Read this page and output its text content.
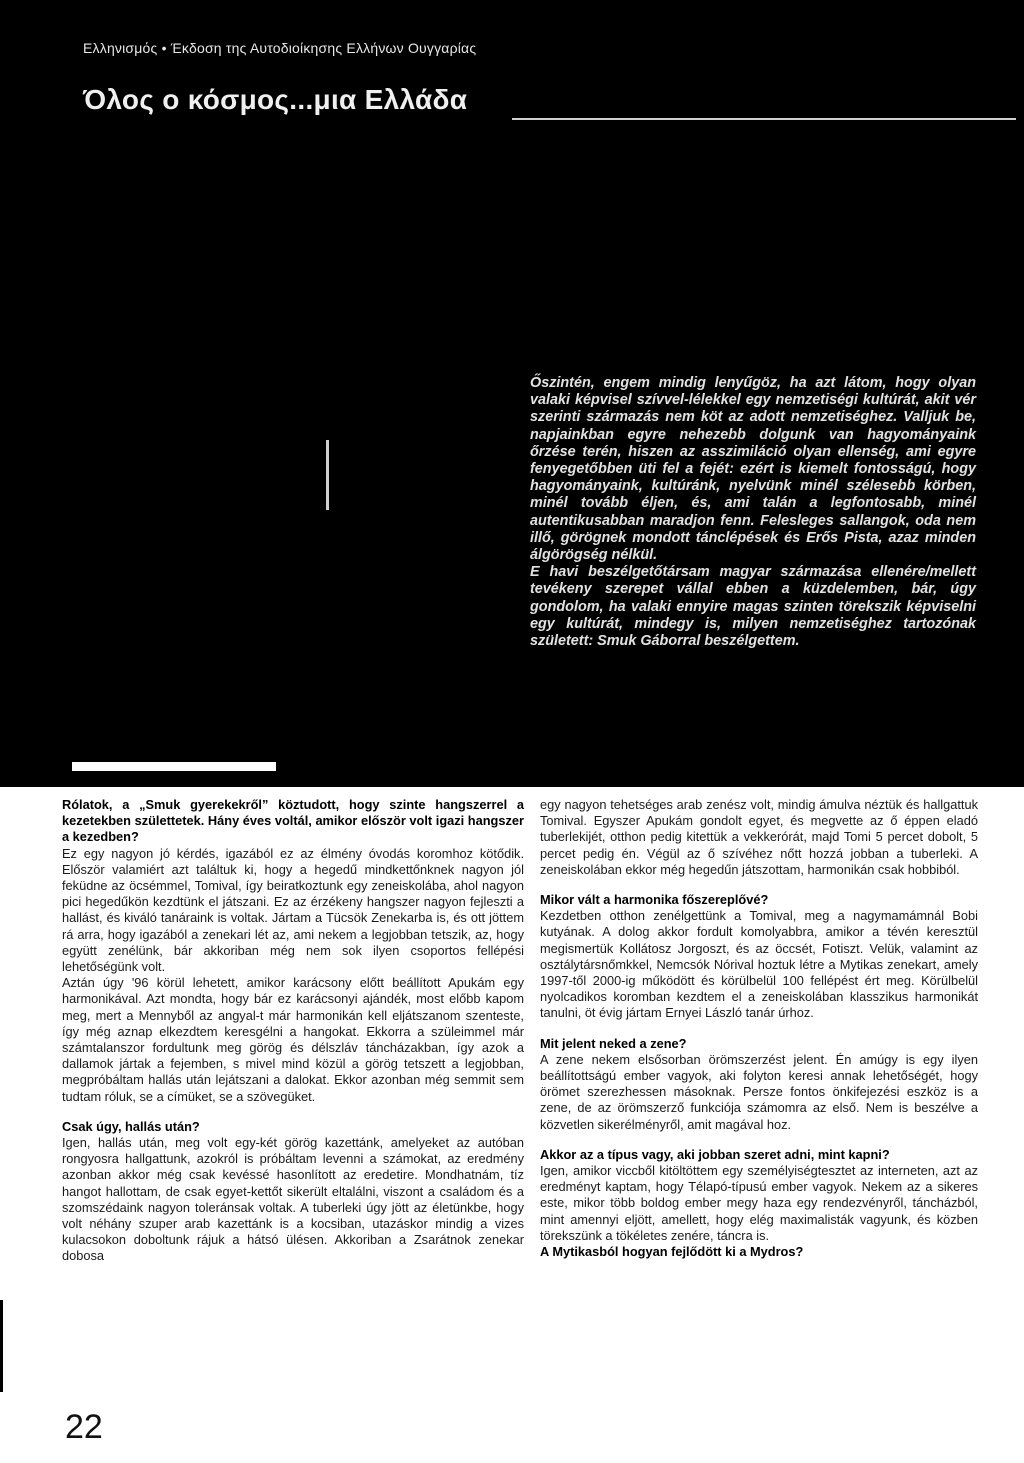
Ελληνισμός • Έκδοση της Αυτοδιοίκησης Ελλήνων Ουγγαρίας
Όλος ο κόσμος...μια Ελλάδα

Őszintén, engem mindig lenyűgöz, ha azt látom, hogy olyan valaki képvisel szívvel-lélekkel egy nemzetiségi kultúrát, akit vér szerinti származás nem köt az adott nemzetiséghez. Valljuk be, napjainkban egyre nehezebb dolgunk van hagyományaink őrzése terén, hiszen az asszimiláció olyan ellenség, ami egyre fenyegetőbben üti fel a fejét: ezért is kiemelt fontosságú, hogy hagyományaink, kultúránk, nyelvünk minél szélesebb körben, minél tovább éljen, és, ami talán a legfontosabb, minél autentikusabban maradjon fenn. Felesleges sallangok, oda nem illő, görögnek mondott tánclépések és Erős Pista, azaz minden álgörögség nélkül.

E havi beszélgetőtársam magyar származása ellenére/mellett tevékeny szerepet vállal ebben a küzdelemben, bár, úgy gondolom, ha valaki ennyire magas szinten törekszik képviselni egy kultúrát, mindegy is, milyen nemzetiséghez tartozónak született: Smuk Gáborral beszélgettem.

Rólatok, a „Smuk gyerekekről” köztudott, hogy szinte hangszerrel a kezetekben születtetek. Hány éves voltál, amikor először volt igazi hangszer a kezedben?

Ez egy nagyon jó kérdés, igazából ez az élmény óvodás koromhoz kötődik. Először valamiért azt találtuk ki, hogy a hegedű mindkettőnknek nagyon jól feküdne az öcsémmel, Tomival, így beiratkoztunk egy zeneiskolába, ahol nagyon pici hegedűkön kezdtünk el játszani. Ez az érzékeny hangszer nagyon fejleszti a hallást, és kiváló tanáraink is voltak. Jártam a Tücsök Zenekarba is, és ott jöttem rá arra, hogy igazából a zenekari lét az, ami nekem a legjobban tetszik, az, hogy együtt zenélünk, bár akkoriban még nem sok ilyen csoportos fellépési lehetőségünk volt.

Aztán úgy '96 körül lehetett, amikor karácsony előtt beállított Apukám egy harmonikával. Azt mondta, hogy bár ez karácsonyi ajándék, most előbb kapom meg, mert a Mennyből az angyal-t már harmonikán kell eljátszanom szenteste, így még aznap elkezdtem keresgélni a hangokat. Ekkorra a szüleimmel már számtalanszor fordultunk meg görög és délszláv táncházakban, így azok a dallamok jártak a fejemben, s mivel mind közül a görög tetszett a legjobban, megpróbáltam hallás után lejátszani a dalokat. Ekkor azonban még semmit sem tudtam róluk, se a címüket, se a szövegüket.

Csak úgy, hallás után?

Igen, hallás után, meg volt egy-két görög kazettánk, amelyeket az autóban rongyosra hallgattunk, azokról is próbáltam levenni a számokat, az eredmény azonban akkor még csak kevéssé hasonlított az eredetire. Mondhatnám, tíz hangot hallottam, de csak egyet-kettőt sikerült eltalálni, viszont a családom és a szomszédaink nagyon toleránsak voltak. A tuberleki úgy jött az életünkbe, hogy volt néhány szuper arab kazettánk is a kocsiban, utazáskor mindig a vizes kulacsokon doboltunk rájuk a hátsó ülésen. Akkoriban a Zsarátnok zenekar dobosa

egy nagyon tehetséges arab zenész volt, mindig ámulva néztük és hallgattuk Tomival. Egyszer Apukám gondolt egyet, és megvette az ő éppen eladó tuberlekijét, otthon pedig kitettük a vekkerórát, majd Tomi 5 percet dobolt, 5 percet pedig én. Végül az ő szívéhez nőtt hozzá jobban a tuberleki. A zeneiskolában ekkor még hegedűn játszottam, harmonikán csak hobbiból.

Mikor vált a harmonika főszereplővé?

Kezdetben otthon zenélgettünk a Tomival, meg a nagymamámnál Bobi kutyának. A dolog akkor fordult komolyabbra, amikor a tévén keresztül megismertük Kollátosz Jorgoszt, és az öccsét, Fotiszt. Velük, valamint az osztálytársnőmkkel, Nemcsók Nórival hoztuk létre a Mytikas zenekart, amely 1997-től 2000-ig működött és körülbelül 100 fellépést ért meg. Körülbelül nyolcadikos koromban kezdtem el a zeneiskolában klasszikus harmonikát tanulni, öt évig jártam Ernyei László tanár úrhoz.

Mit jelent neked a zene?

A zene nekem elsősorban örömszerzést jelent. Én amúgy is egy ilyen beállítottságú ember vagyok, aki folyton keresi annak lehetőségét, hogy örömet szerezhessen másoknak. Persze fontos önkifejezési eszköz is a zene, de az örömszerző funkciója számomra az első. Nem is beszélve a közvetlen sikerélményről, amit magával hoz.

Akkor az a típus vagy, aki jobban szeret adni, mint kapni?

Igen, amikor viccből kitöltöttem egy személyiségtesztet az interneten, azt az eredményt kaptam, hogy Télapó-típusú ember vagyok. Nekem az a sikeres este, mikor több boldog ember megy haza egy rendezvényről, táncházból, mint amennyi eljött, amellett, hogy elég maximalisták vagyunk, és közben törekszünk a tökéletes zenére, táncra is.

A Mytikasból hogyan fejlődött ki a Mydros?

22
